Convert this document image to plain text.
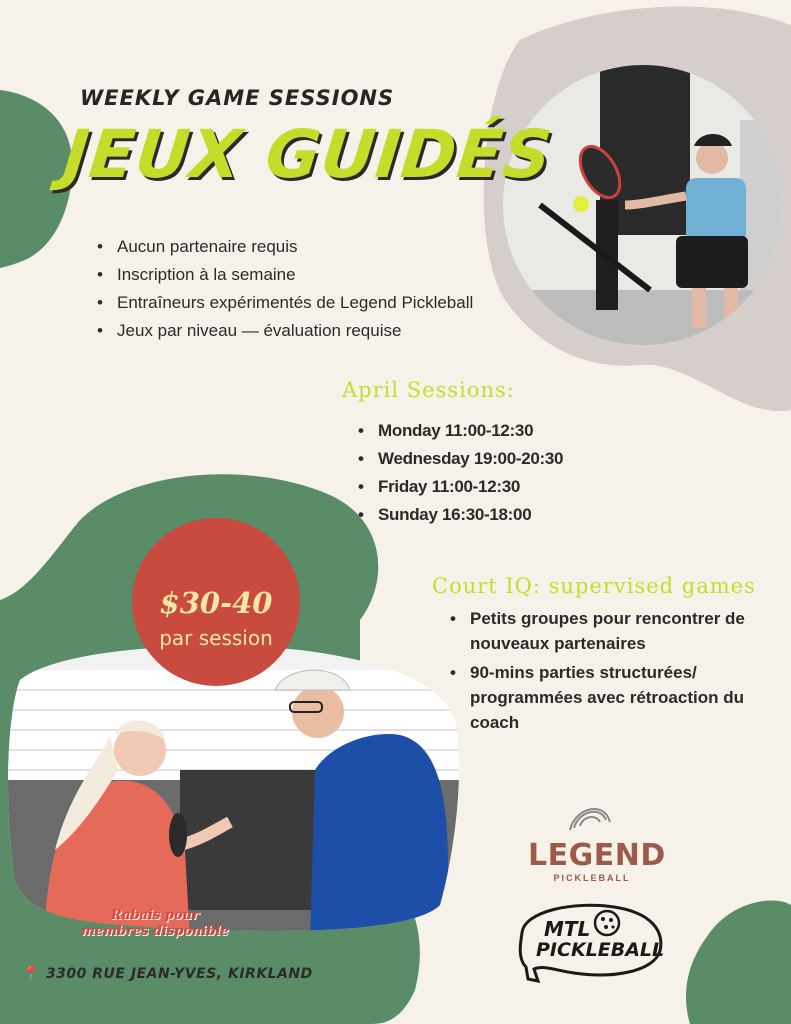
WEEKLY GAME SESSIONS
JEUX GUIDÉS
• Aucun partenaire requis
• Inscription à la semaine
• Entraîneurs expérimentés de Legend Pickleball
• Jeux par niveau — évaluation requise
April Sessions:
• Monday 11:00-12:30
• Wednesday 19:00-20:30
• Friday 11:00-12:30
• Sunday 16:30-18:00
Court IQ: supervised games
• Petits groupes pour rencontrer de nouveaux partenaires
• 90-mins parties structurées/ programmées avec rétroaction du coach
$30-40
par session
Rabais pour
membres disponible
📍 3300 RUE JEAN-YVES, KIRKLAND
LEGEND
PICKLEBALL
MTL
PICKLEBALL
